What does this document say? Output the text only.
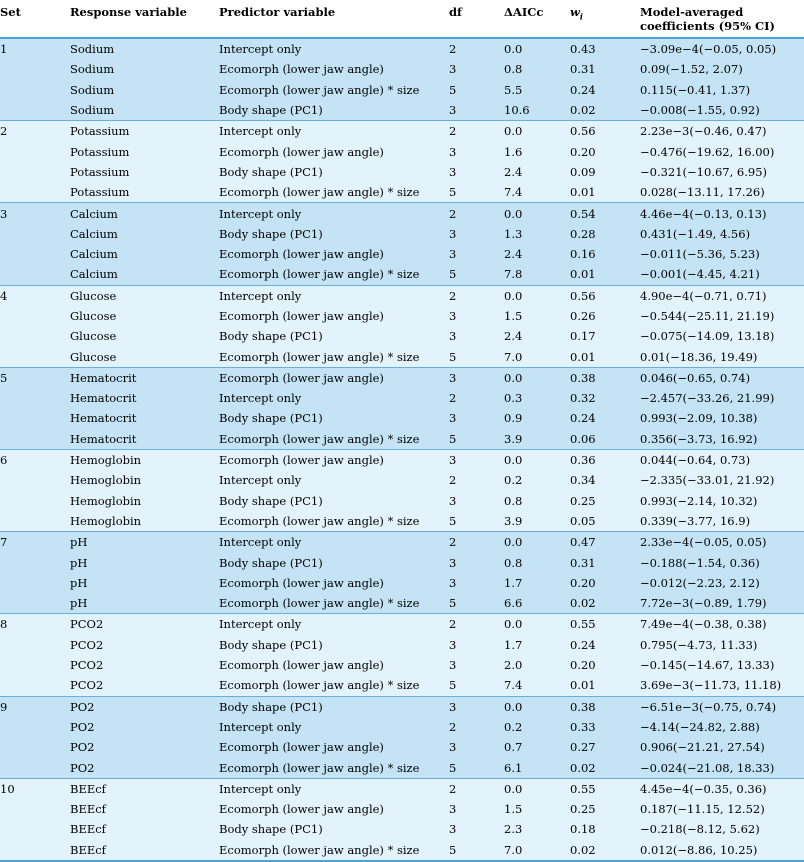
Set	Response variable	Predictor variable	df	ΔAICc	$w_i$	Model-averaged
coefficients (95% CI)

1	Sodium	Intercept only	2	0.0	0.43	−3.09e−4(−0.05, 0.05)
	Sodium	Ecomorph (lower jaw angle)	3	0.8	0.31	0.09(−1.52, 2.07)
	Sodium	Ecomorph (lower jaw angle) * size	5	5.5	0.24	0.115(−0.41, 1.37)
	Sodium	Body shape (PC1)	3	10.6	0.02	−0.008(−1.55, 0.92)
2	Potassium	Intercept only	2	0.0	0.56	2.23e−3(−0.46, 0.47)
	Potassium	Ecomorph (lower jaw angle)	3	1.6	0.20	−0.476(−19.62, 16.00)
	Potassium	Body shape (PC1)	3	2.4	0.09	−0.321(−10.67, 6.95)
	Potassium	Ecomorph (lower jaw angle) * size	5	7.4	0.01	0.028(−13.11, 17.26)
3	Calcium	Intercept only	2	0.0	0.54	4.46e−4(−0.13, 0.13)
	Calcium	Body shape (PC1)	3	1.3	0.28	0.431(−1.49, 4.56)
	Calcium	Ecomorph (lower jaw angle)	3	2.4	0.16	−0.011(−5.36, 5.23)
	Calcium	Ecomorph (lower jaw angle) * size	5	7.8	0.01	−0.001(−4.45, 4.21)
4	Glucose	Intercept only	2	0.0	0.56	4.90e−4(−0.71, 0.71)
	Glucose	Ecomorph (lower jaw angle)	3	1.5	0.26	−0.544(−25.11, 21.19)
	Glucose	Body shape (PC1)	3	2.4	0.17	−0.075(−14.09, 13.18)
	Glucose	Ecomorph (lower jaw angle) * size	5	7.0	0.01	0.01(−18.36, 19.49)
5	Hematocrit	Ecomorph (lower jaw angle)	3	0.0	0.38	0.046(−0.65, 0.74)
	Hematocrit	Intercept only	2	0.3	0.32	−2.457(−33.26, 21.99)
	Hematocrit	Body shape (PC1)	3	0.9	0.24	0.993(−2.09, 10.38)
	Hematocrit	Ecomorph (lower jaw angle) * size	5	3.9	0.06	0.356(−3.73, 16.92)
6	Hemoglobin	Ecomorph (lower jaw angle)	3	0.0	0.36	0.044(−0.64, 0.73)
	Hemoglobin	Intercept only	2	0.2	0.34	−2.335(−33.01, 21.92)
	Hemoglobin	Body shape (PC1)	3	0.8	0.25	0.993(−2.14, 10.32)
	Hemoglobin	Ecomorph (lower jaw angle) * size	5	3.9	0.05	0.339(−3.77, 16.9)
7	pH	Intercept only	2	0.0	0.47	2.33e−4(−0.05, 0.05)
	pH	Body shape (PC1)	3	0.8	0.31	−0.188(−1.54, 0.36)
	pH	Ecomorph (lower jaw angle)	3	1.7	0.20	−0.012(−2.23, 2.12)
	pH	Ecomorph (lower jaw angle) * size	5	6.6	0.02	7.72e−3(−0.89, 1.79)
8	PCO2	Intercept only	2	0.0	0.55	7.49e−4(−0.38, 0.38)
	PCO2	Body shape (PC1)	3	1.7	0.24	0.795(−4.73, 11.33)
	PCO2	Ecomorph (lower jaw angle)	3	2.0	0.20	−0.145(−14.67, 13.33)
	PCO2	Ecomorph (lower jaw angle) * size	5	7.4	0.01	3.69e−3(−11.73, 11.18)
9	PO2	Body shape (PC1)	3	0.0	0.38	−6.51e−3(−0.75, 0.74)
	PO2	Intercept only	2	0.2	0.33	−4.14(−24.82, 2.88)
	PO2	Ecomorph (lower jaw angle)	3	0.7	0.27	0.906(−21.21, 27.54)
	PO2	Ecomorph (lower jaw angle) * size	5	6.1	0.02	−0.024(−21.08, 18.33)
10	BEEcf	Intercept only	2	0.0	0.55	4.45e−4(−0.35, 0.36)
	BEEcf	Ecomorph (lower jaw angle)	3	1.5	0.25	0.187(−11.15, 12.52)
	BEEcf	Body shape (PC1)	3	2.3	0.18	−0.218(−8.12, 5.62)
	BEEcf	Ecomorph (lower jaw angle) * size	5	7.0	0.02	0.012(−8.86, 10.25)
